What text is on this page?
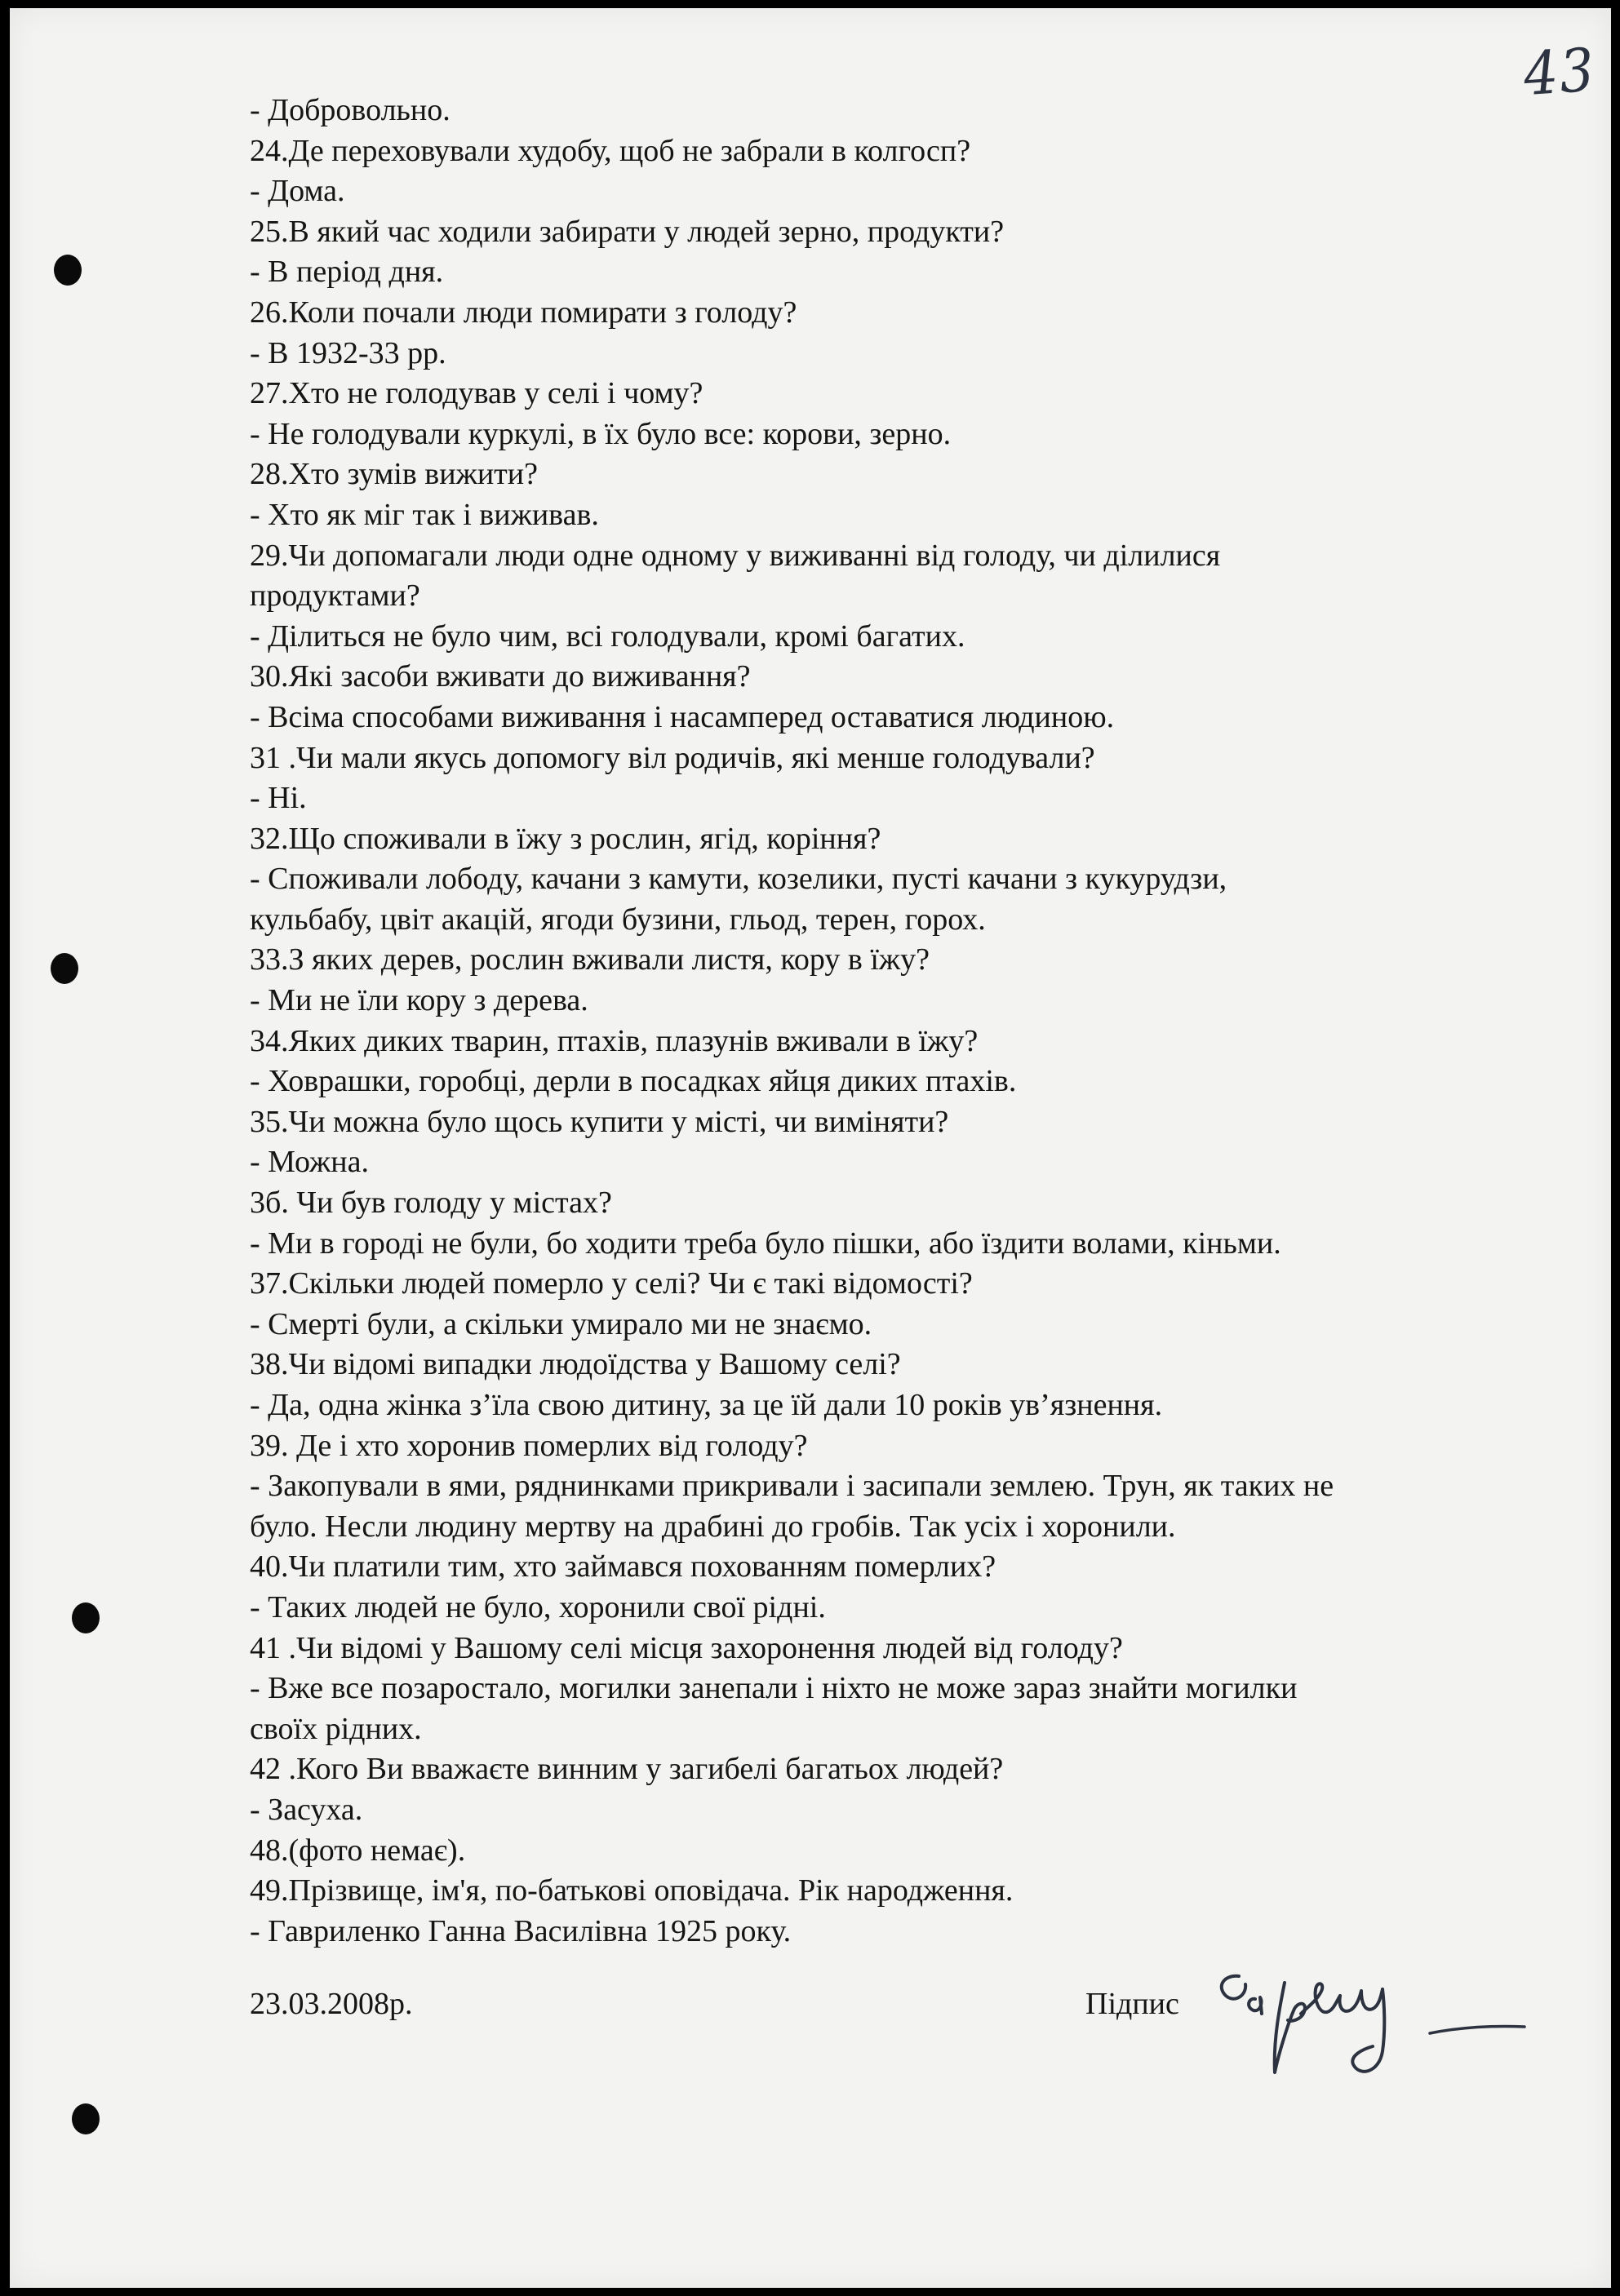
43
- Добровольно.
24.Де переховували худобу, щоб не забрали в колгосп?
- Дома.
25.В який час ходили забирати у людей зерно, продукти?
- В період дня.
26.Коли почали люди помирати з голоду?
- В 1932-33 рр.
27.Хто не голодував у селі і чому?
- Не голодували куркулі, в їх було все: корови, зерно.
28.Хто зумів вижити?
- Хто як міг так і виживав.
29.Чи допомагали люди одне одному у виживанні від голоду, чи ділилися
продуктами?
- Ділиться не було чим, всі голодували, кромі багатих.
30.Які засоби вживати до виживання?
- Всіма способами виживання і насамперед оставатися людиною.
31 .Чи мали якусь допомогу віл родичів, які менше голодували?
- Ні.
32.Що споживали в їжу з рослин, ягід, коріння?
- Споживали лободу, качани з камути, козелики, пусті качани з кукурудзи,
кульбабу, цвіт акацій, ягоди бузини, гльод, терен, горох.
33.З яких дерев, рослин вживали листя, кору в їжу?
- Ми не їли кору з дерева.
34.Яких диких тварин, птахів, плазунів вживали в їжу?
- Ховрашки, горобці, дерли в посадках яйця диких птахів.
35.Чи можна було щось купити у місті, чи виміняти?
- Можна.
3б. Чи був голоду у містах?
- Ми в городі не були, бо ходити треба було пішки, або їздити волами, кіньми.
37.Скільки людей померло у селі? Чи є такі відомості?
- Смерті були, а скільки умирало ми не знаємо.
38.Чи відомі випадки людоїдства у Вашому селі?
- Да, одна жінка з’їла свою дитину, за це їй дали 10 років ув’язнення.
39. Де і хто хоронив померлих від голоду?
- Закопували в ями, ряднинками прикривали і засипали землею. Трун, як таких не
було. Несли людину мертву на драбині до гробів. Так усіх і хоронили.
40.Чи платили тим, хто займався похованням померлих?
- Таких людей не було, хоронили свої рідні.
41 .Чи відомі у Вашому селі місця захоронення людей від голоду?
- Вже все позаростало, могилки занепали і ніхто не може зараз знайти могилки
своїх рідних.
42 .Кого Ви вважаєте винним у загибелі багатьох людей?
- Засуха.
48.(фото немає).
49.Прізвище, ім'я, по-батькові оповідача. Рік народження.
- Гавриленко Ганна Василівна 1925 року.
23.03.2008р.	Підпис
